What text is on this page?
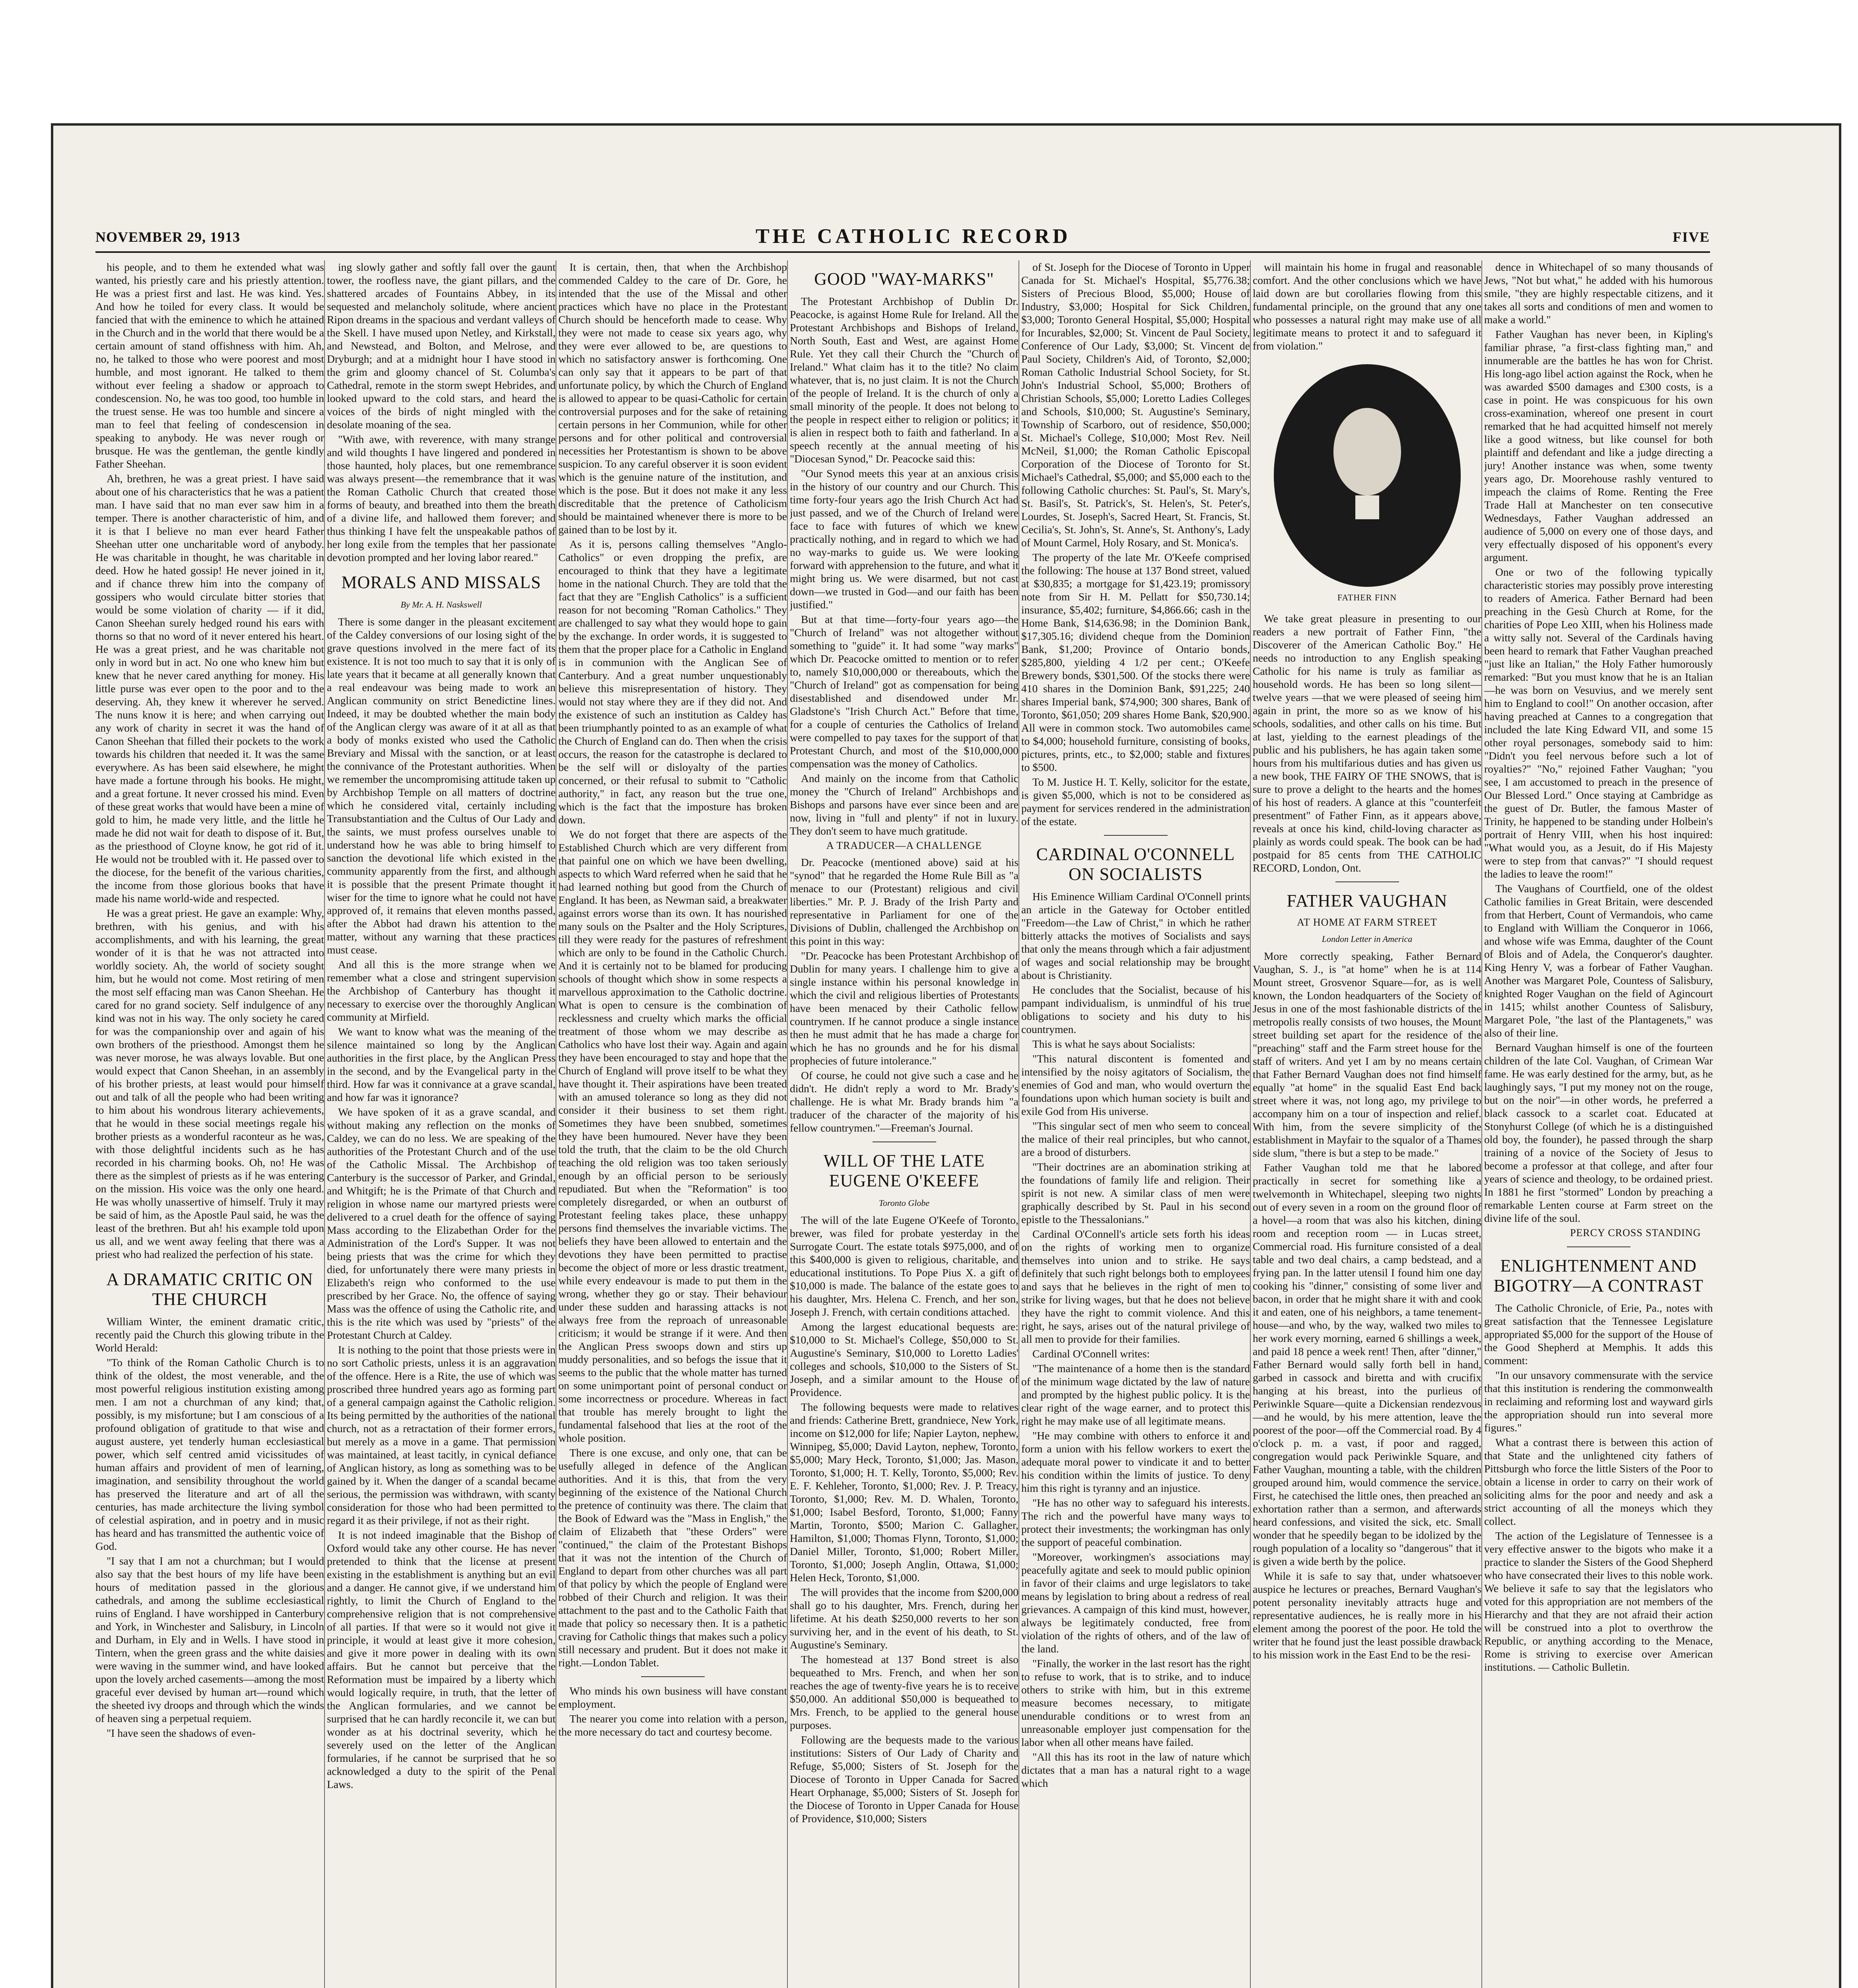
NOVEMBER 29, 1913	THE CATHOLIC RECORD	FIVE

his people, and to them he extended what was wanted, his priestly care and his priestly attention. He was a priest first and last. He was kind. Yes. And how he toiled for every class. It would be fancied that with the eminence to which he attained in the Church and in the world that there would be a certain amount of stand offishness with him. Ah, no, he talked to those who were poorest and most humble, and most ignorant. He talked to them without ever feeling a shadow or approach to condescension. No, he was too good, too humble in the truest sense. He was too humble and sincere a man to feel that feeling of condescension in speaking to anybody. He was never rough or brusque. He was the gentleman, the gentle kindly Father Sheehan.

Ah, brethren, he was a great priest. I have said about one of his characteristics that he was a patient man. I have said that no man ever saw him in a temper. There is another characteristic of him, and it is that I believe no man ever heard Father Sheehan utter one uncharitable word of anybody. He was charitable in thought, he was charitable in deed. How he hated gossip! He never joined in it, and if chance threw him into the company of gossipers who would circulate bitter stories that would be some violation of charity — if it did, Canon Sheehan surely hedged round his ears with thorns so that no word of it never entered his heart. He was a great priest, and he was charitable not only in word but in act. No one who knew him but knew that he never cared anything for money. His little purse was ever open to the poor and to the deserving. Ah, they knew it wherever he served. The nuns know it is here; and when carrying out any work of charity in secret it was the hand of Canon Sheehan that filled their pockets to the work towards his children that needed it. It was the same everywhere. As has been said elsewhere, he might have made a fortune through his books. He might, and a great fortune. It never crossed his mind. Even of these great works that would have been a mine of gold to him, he made very little, and the little he made he did not wait for death to dispose of it. But, as the priesthood of Cloyne know, he got rid of it. He would not be troubled with it. He passed over to the diocese, for the benefit of the various charities, the income from those glorious books that have made his name world-wide and respected.

He was a great priest. He gave an example: Why, brethren, with his genius, and with his accomplishments, and with his learning, the great wonder of it is that he was not attracted into worldly society. Ah, the world of society sought him, but he would not come. Most retiring of men the most self effacing man was Canon Sheehan. He cared for no grand society. Self indulgence of any kind was not in his way. The only society he cared for was the companionship over and again of his own brothers of the priesthood. Amongst them he was never morose, he was always lovable. But one would expect that Canon Sheehan, in an assembly of his brother priests, at least would pour himself out and talk of all the people who had been writing to him about his wondrous literary achievements, that he would in these social meetings regale his brother priests as a wonderful raconteur as he was, with those delightful incidents such as he has recorded in his charming books. Oh, no! He was there as the simplest of priests as if he was entering on the mission. His voice was the only one heard. He was wholly unassertive of himself. Truly it may be said of him, as the Apostle Paul said, he was the least of the brethren. But ah! his example told upon us all, and we went away feeling that there was a priest who had realized the perfection of his state.

A DRAMATIC CRITIC ON THE CHURCH

William Winter, the eminent dramatic critic, recently paid the Church this glowing tribute in the World Herald:

"To think of the Roman Catholic Church is to think of the oldest, the most venerable, and the most powerful religious institution existing among men. I am not a churchman of any kind; that, possibly, is my misfortune; but I am conscious of a profound obligation of gratitude to that wise and august austere, yet tenderly human ecclesiastical power, which self centred amid vicissitudes of human affairs and provident of men of learning, imagination, and sensibility throughout the world has preserved the literature and art of all the centuries, has made architecture the living symbol of celestial aspiration, and in poetry and in music has heard and has transmitted the authentic voice of God.

"I say that I am not a churchman; but I would also say that the best hours of my life have been hours of meditation passed in the glorious cathedrals, and among the sublime ecclesiastical ruins of England. I have worshipped in Canterbury and York, in Winchester and Salisbury, in Lincoln and Durham, in Ely and in Wells. I have stood in Tintern, when the green grass and the white daisies were waving in the summer wind, and have looked upon the lovely arched casements—among the most graceful ever devised by human art—round which the sheeted ivy droops and through which the winds of heaven sing a perpetual requiem.

"I have seen the shadows of even-

ing slowly gather and softly fall over the gaunt tower, the roofless nave, the giant pillars, and the shattered arcades of Fountains Abbey, in its sequested and melancholy solitude, where ancient Ripon dreams in the spacious and verdant valleys of the Skell. I have mused upon Netley, and Kirkstall, and Newstead, and Bolton, and Melrose, and Dryburgh; and at a midnight hour I have stood in the grim and gloomy chancel of St. Columba's Cathedral, remote in the storm swept Hebrides, and looked upward to the cold stars, and heard the voices of the birds of night mingled with the desolate moaning of the sea.

"With awe, with reverence, with many strange and wild thoughts I have lingered and pondered in those haunted, holy places, but one remembrance was always present—the remembrance that it was the Roman Catholic Church that created those forms of beauty, and breathed into them the breath of a divine life, and hallowed them forever; and thus thinking I have felt the unspeakable pathos of her long exile from the temples that her passionate devotion prompted and her loving labor reared."

MORALS AND MISSALS
By Mr. A. H. Naskswell

There is some danger in the pleasant excitement of the Caldey conversions of our losing sight of the grave questions involved in the mere fact of its existence. It is not too much to say that it is only of late years that it became at all generally known that a real endeavour was being made to work an Anglican community on strict Benedictine lines. Indeed, it may be doubted whether the main body of the Anglican clergy was aware of it at all as that a body of monks existed who used the Catholic Breviary and Missal with the sanction, or at least the connivance of the Protestant authorities. When we remember the uncompromising attitude taken up by Archbishop Temple on all matters of doctrine which he considered vital, certainly including Transubstantiation and the Cultus of Our Lady and the saints, we must profess ourselves unable to understand how he was able to bring himself to sanction the devotional life which existed in the community apparently from the first, and although it is possible that the present Primate thought it wiser for the time to ignore what he could not have approved of, it remains that eleven months passed, after the Abbot had drawn his attention to the matter, without any warning that these practices must cease.

And all this is the more strange when we remember what a close and stringent supervision the Archbishop of Canterbury has thought it necessary to exercise over the thoroughly Anglican community at Mirfield.

We want to know what was the meaning of the silence maintained so long by the Anglican authorities in the first place, by the Anglican Press in the second, and by the Evangelical party in the third. How far was it connivance at a grave scandal, and how far was it ignorance?

We have spoken of it as a grave scandal, and without making any reflection on the monks of Caldey, we can do no less. We are speaking of the authorities of the Protestant Church and of the use of the Catholic Missal. The Archbishop of Canterbury is the successor of Parker, and Grindal, and Whitgift; he is the Primate of that Church and religion in whose name our martyred priests were delivered to a cruel death for the offence of saying Mass according to the Elizabethan Order for the Administration of the Lord's Supper. It was not being priests that was the crime for which they died, for unfortunately there were many priests in Elizabeth's reign who conformed to the use prescribed by her Grace. No, the offence of saying Mass was the offence of using the Catholic rite, and this is the rite which was used by "priests" of the Protestant Church at Caldey.

It is nothing to the point that those priests were in no sort Catholic priests, unless it is an aggravation of the offence. Here is a Rite, the use of which was proscribed three hundred years ago as forming part of a general campaign against the Catholic religion. Its being permitted by the authorities of the national church, not as a retractation of their former errors, but merely as a move in a game. That permission was maintained, at least tacitly, in cynical defiance of Anglican history, as long as something was to be gained by it. When the danger of a scandal became serious, the permission was withdrawn, with scanty consideration for those who had been permitted to regard it as their privilege, if not as their right.

It is not indeed imaginable that the Bishop of Oxford would take any other course. He has never pretended to think that the license at present existing in the establishment is anything but an evil and a danger. He cannot give, if we understand him rightly, to limit the Church of England to the comprehensive religion that is not comprehensive of all parties. If that were so it would not give it principle, it would at least give it more cohesion, and give it more power in dealing with its own affairs. But he cannot but perceive that the Reformation must be impaired by a liberty which would logically require, in truth, that the letter of the Anglican formularies, and we cannot be surprised that he can hardly reconcile it, we can but wonder as at his doctrinal severity, which he severely used on the letter of the Anglican formularies, if he cannot be surprised that he so acknowledged a duty to the spirit of the Penal Laws.

It is certain, then, that when the Archbishop commended Caldey to the care of Dr. Gore, he intended that the use of the Missal and other practices which have no place in the Protestant Church should be henceforth made to cease. Why they were not made to cease six years ago, why they were ever allowed to be, are questions to which no satisfactory answer is forthcoming. One can only say that it appears to be part of that unfortunate policy, by which the Church of England is allowed to appear to be quasi-Catholic for certain controversial purposes and for the sake of retaining certain persons in her Communion, while for other persons and for other political and controversial necessities her Protestantism is shown to be above suspicion. To any careful observer it is soon evident which is the genuine nature of the institution, and which is the pose. But it does not make it any less discreditable that the pretence of Catholicism should be maintained whenever there is more to be gained than to be lost by it.

As it is, persons calling themselves "Anglo-Catholics" or even dropping the prefix, are encouraged to think that they have a legitimate home in the national Church. They are told that the fact that they are "English Catholics" is a sufficient reason for not becoming "Roman Catholics." They are challenged to say what they would hope to gain by the exchange. In order words, it is suggested to them that the proper place for a Catholic in England is in communion with the Anglican See of Canterbury. And a great number unquestionably believe this misrepresentation of history. They would not stay where they are if they did not. And the existence of such an institution as Caldey has been triumphantly pointed to as an example of what the Church of England can do. Then when the crisis occurs, the reason for the catastrophe is declared to be the self will or disloyalty of the parties concerned, or their refusal to submit to "Catholic authority," in fact, any reason but the true one, which is the fact that the imposture has broken down.

We do not forget that there are aspects of the Established Church which are very different from that painful one on which we have been dwelling, aspects to which Ward referred when he said that he had learned nothing but good from the Church of England. It has been, as Newman said, a breakwater against errors worse than its own. It has nourished many souls on the Psalter and the Holy Scriptures, till they were ready for the pastures of refreshment which are only to be found in the Catholic Church. And it is certainly not to be blamed for producing schools of thought which show in some respects a marvellous approximation to the Catholic doctrine. What is open to censure is the combination of recklessness and cruelty which marks the official treatment of those whom we may describe as Catholics who have lost their way. Again and again they have been encouraged to stay and hope that the Church of England will prove itself to be what they have thought it. Their aspirations have been treated with an amused tolerance so long as they did not consider it their business to set them right. Sometimes they have been snubbed, sometimes they have been humoured. Never have they been told the truth, that the claim to be the old Church teaching the old religion was too taken seriously enough by an official person to be seriously repudiated. But when the "Reformation" is too completely disregarded, or when an outburst of Protestant feeling takes place, these unhappy persons find themselves the invariable victims. The beliefs they have been allowed to entertain and the devotions they have been permitted to practise become the object of more or less drastic treatment, while every endeavour is made to put them in the wrong, whether they go or stay. Their behaviour under these sudden and harassing attacks is not always free from the reproach of unreasonable criticism; it would be strange if it were. And then the Anglican Press swoops down and stirs up muddy personalities, and so befogs the issue that it seems to the public that the whole matter has turned on some unimportant point of personal conduct or some incorrectness or procedure. Whereas in fact that trouble has merely brought to light the fundamental falsehood that lies at the root of the whole position.

There is one excuse, and only one, that can be usefully alleged in defence of the Anglican authorities. And it is this, that from the very beginning of the existence of the National Church the pretence of continuity was there. The claim that the Book of Edward was the "Mass in English," the claim of Elizabeth that "these Orders" were "continued," the claim of the Protestant Bishops that it was not the intention of the Church of England to depart from other churches was all part of that policy by which the people of England were robbed of their Church and religion. It was their attachment to the past and to the Catholic Faith that made that policy so necessary then. It is a pathetic craving for Catholic things that makes such a policy still necessary and prudent. But it does not make it right.—London Tablet.

Who minds his own business will have constant employment.

The nearer you come into relation with a person, the more necessary do tact and courtesy become.

GOOD "WAY-MARKS"

The Protestant Archbishop of Dublin Dr. Peacocke, is against Home Rule for Ireland. All the Protestant Archbishops and Bishops of Ireland, North South, East and West, are against Home Rule. Yet they call their Church the "Church of Ireland." What claim has it to the title? No claim whatever, that is, no just claim. It is not the Church of the people of Ireland. It is the church of only a small minority of the people. It does not belong to the people in respect either to religion or politics; it is alien in respect both to faith and fatherland. In a speech recently at the annual meeting of his "Diocesan Synod," Dr. Peacocke said this:

"Our Synod meets this year at an anxious crisis in the history of our country and our Church. This time forty-four years ago the Irish Church Act had just passed, and we of the Church of Ireland were face to face with futures of which we knew practically nothing, and in regard to which we had no way-marks to guide us. We were looking forward with apprehension to the future, and what it might bring us. We were disarmed, but not cast down—we trusted in God—and our faith has been justified."

But at that time—forty-four years ago—the "Church of Ireland" was not altogether without something to "guide" it. It had some "way marks" which Dr. Peacocke omitted to mention or to refer to, namely $10,000,000 or thereabouts, which the "Church of Ireland" got as compensation for being disestablished and disendowed under Mr. Gladstone's "Irish Church Act." Before that time, for a couple of centuries the Catholics of Ireland were compelled to pay taxes for the support of that Protestant Church, and most of the $10,000,000 compensation was the money of Catholics.

And mainly on the income from that Catholic money the "Church of Ireland" Archbishops and Bishops and parsons have ever since been and are now, living in "full and plenty" if not in luxury. They don't seem to have much gratitude.

A TRADUCER—A CHALLENGE

Dr. Peacocke (mentioned above) said at his "synod" that he regarded the Home Rule Bill as "a menace to our (Protestant) religious and civil liberties." Mr. P. J. Brady of the Irish Party and representative in Parliament for one of the Divisions of Dublin, challenged the Archbishop on this point in this way:

"Dr. Peacocke has been Protestant Archbishop of Dublin for many years. I challenge him to give a single instance within his personal knowledge in which the civil and religious liberties of Protestants have been menaced by their Catholic fellow countrymen. If he cannot produce a single instance then he must admit that he has made a charge for which he has no grounds and he for his dismal prophecies of future intolerance."

Of course, he could not give such a case and he didn't. He didn't reply a word to Mr. Brady's challenge. He is what Mr. Brady brands him "a traducer of the character of the majority of his fellow countrymen."—Freeman's Journal.

WILL OF THE LATE EUGENE O'KEEFE
Toronto Globe

The will of the late Eugene O'Keefe of Toronto, brewer, was filed for probate yesterday in the Surrogate Court. The estate totals $975,000, and of this $400,000 is given to religious, charitable, and educational institutions. To Pope Pius X. a gift of $10,000 is made. The balance of the estate goes to his daughter, Mrs. Helena C. French, and her son, Joseph J. French, with certain conditions attached.

Among the largest educational bequests are: $10,000 to St. Michael's College, $50,000 to St. Augustine's Seminary, $10,000 to Loretto Ladies' colleges and schools, $10,000 to the Sisters of St. Joseph, and a similar amount to the House of Providence.

The following bequests were made to relatives and friends: Catherine Brett, grandniece, New York, income on $12,000 for life; Napier Layton, nephew, Winnipeg, $5,000; David Layton, nephew, Toronto, $5,000; Mary Heck, Toronto, $1,000; Jas. Mason, Toronto, $1,000; H. T. Kelly, Toronto, $5,000; Rev. E. F. Kehleher, Toronto, $1,000; Rev. J. P. Treacy, Toronto, $1,000; Rev. M. D. Whalen, Toronto, $1,000; Isabel Besford, Toronto, $1,000; Fanny Martin, Toronto, $500; Marion C. Gallagher, Hamilton, $1,000; Thomas Flynn, Toronto, $1,000; Daniel Miller, Toronto, $1,000; Robert Miller, Toronto, $1,000; Joseph Anglin, Ottawa, $1,000; Helen Heck, Toronto, $1,000.

The will provides that the income from $200,000 shall go to his daughter, Mrs. French, during her lifetime. At his death $250,000 reverts to her son surviving her, and in the event of his death, to St. Augustine's Seminary.

The homestead at 137 Bond street is also bequeathed to Mrs. French, and when her son reaches the age of twenty-five years he is to receive $50,000. An additional $50,000 is bequeathed to Mrs. French, to be applied to the general house purposes.

Following are the bequests made to the various institutions: Sisters of Our Lady of Charity and Refuge, $5,000; Sisters of St. Joseph for the Diocese of Toronto in Upper Canada for Sacred Heart Orphanage, $5,000; Sisters of St. Joseph for the Diocese of Toronto in Upper Canada for House of Providence, $10,000; Sisters

of St. Joseph for the Diocese of Toronto in Upper Canada for St. Michael's Hospital, $5,776.38; Sisters of Precious Blood, $5,000; House of Industry, $3,000; Hospital for Sick Children, $3,000; Toronto General Hospital, $5,000; Hospital for Incurables, $2,000; St. Vincent de Paul Society, Conference of Our Lady, $3,000; St. Vincent de Paul Society, Children's Aid, of Toronto, $2,000; Roman Catholic Industrial School Society, for St. John's Industrial School, $5,000; Brothers of Christian Schools, $5,000; Loretto Ladies Colleges and Schools, $10,000; St. Augustine's Seminary, Township of Scarboro, out of residence, $50,000; St. Michael's College, $10,000; Most Rev. Neil McNeil, $1,000; the Roman Catholic Episcopal Corporation of the Diocese of Toronto for St. Michael's Cathedral, $5,000; and $5,000 each to the following Catholic churches: St. Paul's, St. Mary's, St. Basil's, St. Patrick's, St. Helen's, St. Peter's, Lourdes, St. Joseph's, Sacred Heart, St. Francis, St. Cecilia's, St. John's, St. Anne's, St. Anthony's, Lady of Mount Carmel, Holy Rosary, and St. Monica's.

The property of the late Mr. O'Keefe comprised the following: The house at 137 Bond street, valued at $30,835; a mortgage for $1,423.19; promissory note from Sir H. M. Pellatt for $50,730.14; insurance, $5,402; furniture, $4,866.66; cash in the Home Bank, $14,636.98; in the Dominion Bank, $17,305.16; dividend cheque from the Dominion Bank, $1,200; Province of Ontario bonds, $285,800, yielding 4 1/2 per cent.; O'Keefe Brewery bonds, $301,500. Of the stocks there were 410 shares in the Dominion Bank, $91,225; 240 shares Imperial bank, $74,900; 300 shares, Bank of Toronto, $61,050; 209 shares Home Bank, $20,900. All were in common stock. Two automobiles came to $4,000; household furniture, consisting of books, pictures, prints, etc., to $2,000; stable and fixtures to $500.

To M. Justice H. T. Kelly, solicitor for the estate, is given $5,000, which is not to be considered as payment for services rendered in the administration of the estate.

CARDINAL O'CONNELL ON SOCIALISTS

His Eminence William Cardinal O'Connell prints an article in the Gateway for October entitled "Freedom—the Law of Christ," in which he rather bitterly attacks the motives of Socialists and says that only the means through which a fair adjustment of wages and social relationship may be brought about is Christianity.

He concludes that the Socialist, because of his pampant individualism, is unmindful of his true obligations to society and his duty to his countrymen.

This is what he says about Socialists:

"This natural discontent is fomented and intensified by the noisy agitators of Socialism, the enemies of God and man, who would overturn the foundations upon which human society is built and exile God from His universe.

"This singular sect of men who seem to conceal the malice of their real principles, but who cannot, are a brood of disturbers.

"Their doctrines are an abomination striking at the foundations of family life and religion. Their spirit is not new. A similar class of men were graphically described by St. Paul in his second epistle to the Thessalonians."

Cardinal O'Connell's article sets forth his ideas on the rights of working men to organize themselves into union and to strike. He says definitely that such right belongs both to employees and says that he believes in the right of men to strike for living wages, but that he does not believe they have the right to commit violence. And this right, he says, arises out of the natural privilege of all men to provide for their families.

Cardinal O'Connell writes:

"The maintenance of a home then is the standard of the minimum wage dictated by the law of nature and prompted by the highest public policy. It is the clear right of the wage earner, and to protect this right he may make use of all legitimate means.

"He may combine with others to enforce it and form a union with his fellow workers to exert the adequate moral power to vindicate it and to better his condition within the limits of justice. To deny him this right is tyranny and an injustice.

"He has no other way to safeguard his interests. The rich and the powerful have many ways to protect their investments; the workingman has only the support of peaceful combination.

"Moreover, workingmen's associations may peacefully agitate and seek to mould public opinion in favor of their claims and urge legislators to take means by legislation to bring about a redress of real grievances. A campaign of this kind must, however, always be legitimately conducted, free from violation of the rights of others, and of the law of the land.

"Finally, the worker in the last resort has the right to refuse to work, that is to strike, and to induce others to strike with him, but in this extreme measure becomes necessary, to mitigate unendurable conditions or to wrest from an unreasonable employer just compensation for the labor when all other means have failed.

"All this has its root in the law of nature which dictates that a man has a natural right to a wage which

will maintain his home in frugal and reasonable comfort. And the other conclusions which we have laid down are but corollaries flowing from this fundamental principle, on the ground that any one who possesses a natural right may make use of all legitimate means to protect it and to safeguard it from violation."

FATHER FINN

We take great pleasure in presenting to our readers a new portrait of Father Finn, "the Discoverer of the American Catholic Boy." He needs no introduction to any English speaking Catholic for his name is truly as familiar as household words. He has been so long silent—twelve years —that we were pleased of seeing him again in print, the more so as we know of his schools, sodalities, and other calls on his time. But at last, yielding to the earnest pleadings of the public and his publishers, he has again taken some hours from his multifarious duties and has given us a new book, THE FAIRY OF THE SNOWS, that is sure to prove a delight to the hearts and the homes of his host of readers. A glance at this "counterfeit presentment" of Father Finn, as it appears above, reveals at once his kind, child-loving character as plainly as words could speak. The book can be had postpaid for 85 cents from THE CATHOLIC RECORD, London, Ont.

FATHER VAUGHAN
AT HOME AT FARM STREET
London Letter in America

More correctly speaking, Father Bernard Vaughan, S. J., is "at home" when he is at 114 Mount street, Grosvenor Square—for, as is well known, the London headquarters of the Society of Jesus in one of the most fashionable districts of the metropolis really consists of two houses, the Mount street building set apart for the residence of the "preaching" staff and the Farm street house for the staff of writers. And yet I am by no means certain that Father Bernard Vaughan does not find himself equally "at home" in the squalid East End back street where it was, not long ago, my privilege to accompany him on a tour of inspection and relief. With him, from the severe simplicity of the establishment in Mayfair to the squalor of a Thames side slum, "there is but a step to be made."

Father Vaughan told me that he labored practically in secret for something like a twelvemonth in Whitechapel, sleeping two nights out of every seven in a room on the ground floor of a hovel—a room that was also his kitchen, dining room and reception room — in Lucas street, Commercial road. His furniture consisted of a deal table and two deal chairs, a camp bedstead, and a frying pan. In the latter utensil I found him one day cooking his "dinner," consisting of some liver and bacon, in order that he might share it with and cook it and eaten, one of his neighbors, a tame tenement-house—and who, by the way, walked two miles to her work every morning, earned 6 shillings a week, and paid 18 pence a week rent! Then, after "dinner," Father Bernard would sally forth bell in hand, garbed in cassock and biretta and with crucifix hanging at his breast, into the purlieus of Periwinkle Square—quite a Dickensian rendezvous—and he would, by his mere attention, leave the poorest of the poor—off the Commercial road. By 4 o'clock p. m. a vast, if poor and ragged, congregation would pack Periwinkle Square, and Father Vaughan, mounting a table, with the children grouped around him, would commence the service. First, he catechised the little ones, then preached an exhortation rather than a sermon, and afterwards heard confessions, and visited the sick, etc. Small wonder that he speedily began to be idolized by the rough population of a locality so "dangerous" that it is given a wide berth by the police.

While it is safe to say that, under whatsoever auspice he lectures or preaches, Bernard Vaughan's potent personality inevitably attracts huge and representative audiences, he is really more in his element among the poorest of the poor. He told the writer that he found just the least possible drawback to his mission work in the East End to be the resi-

dence in Whitechapel of so many thousands of Jews, "Not but what," he added with his humorous smile, "they are highly respectable citizens, and it takes all sorts and conditions of men and women to make a world."

Father Vaughan has never been, in Kipling's familiar phrase, "a first-class fighting man," and innumerable are the battles he has won for Christ. His long-ago libel action against the Rock, when he was awarded $500 damages and £300 costs, is a case in point. He was conspicuous for his own cross-examination, whereof one present in court remarked that he had acquitted himself not merely like a good witness, but like counsel for both plaintiff and defendant and like a judge directing a jury! Another instance was when, some twenty years ago, Dr. Moorehouse rashly ventured to impeach the claims of Rome. Renting the Free Trade Hall at Manchester on ten consecutive Wednesdays, Father Vaughan addressed an audience of 5,000 on every one of those days, and very effectually disposed of his opponent's every argument.

One or two of the following typically characteristic stories may possibly prove interesting to readers of America. Father Bernard had been preaching in the Gesù Church at Rome, for the charities of Pope Leo XIII, when his Holiness made a witty sally not. Several of the Cardinals having been heard to remark that Father Vaughan preached "just like an Italian," the Holy Father humorously remarked: "But you must know that he is an Italian—he was born on Vesuvius, and we merely sent him to England to cool!" On another occasion, after having preached at Cannes to a congregation that included the late King Edward VII, and some 15 other royal personages, somebody said to him: "Didn't you feel nervous before such a lot of royalties?" "No," rejoined Father Vaughan; "you see, I am accustomed to preach in the presence of Our Blessed Lord." Once staying at Cambridge as the guest of Dr. Butler, the famous Master of Trinity, he happened to be standing under Holbein's portrait of Henry VIII, when his host inquired: "What would you, as a Jesuit, do if His Majesty were to step from that canvas?" "I should request the ladies to leave the room!"

The Vaughans of Courtfield, one of the oldest Catholic families in Great Britain, were descended from that Herbert, Count of Vermandois, who came to England with William the Conqueror in 1066, and whose wife was Emma, daughter of the Count of Blois and of Adela, the Conqueror's daughter. King Henry V, was a forbear of Father Vaughan. Another was Margaret Pole, Countess of Salisbury, knighted Roger Vaughan on the field of Agincourt in 1415; whilst another Countess of Salisbury, Margaret Pole, "the last of the Plantagenets," was also of their line.

Bernard Vaughan himself is one of the fourteen children of the late Col. Vaughan, of Crimean War fame. He was early destined for the army, but, as he laughingly says, "I put my money not on the rouge, but on the noir"—in other words, he preferred a black cassock to a scarlet coat. Educated at Stonyhurst College (of which he is a distinguished old boy, the founder), he passed through the sharp training of a novice of the Society of Jesus to become a professor at that college, and after four years of science and theology, to be ordained priest. In 1881 he first "stormed" London by preaching a remarkable Lenten course at Farm street on the divine life of the soul.

PERCY CROSS STANDING
ENLIGHTENMENT AND BIGOTRY—A CONTRAST

The Catholic Chronicle, of Erie, Pa., notes with great satisfaction that the Tennessee Legislature appropriated $5,000 for the support of the House of the Good Shepherd at Memphis. It adds this comment:

"In our unsavory commensurate with the service that this institution is rendering the commonwealth in reclaiming and reforming lost and wayward girls the appropriation should run into several more figures."

What a contrast there is between this action of that State and the unlightened city fathers of Pittsburgh who force the little Sisters of the Poor to obtain a license in order to carry on their work of soliciting alms for the poor and needy and ask a strict accounting of all the moneys which they collect.

The action of the Legislature of Tennessee is a very effective answer to the bigots who make it a practice to slander the Sisters of the Good Shepherd who have consecrated their lives to this noble work. We believe it safe to say that the legislators who voted for this appropriation are not members of the Hierarchy and that they are not afraid their action will be construed into a plot to overthrow the Republic, or anything according to the Menace, Rome is striving to exercise over American institutions. — Catholic Bulletin.
